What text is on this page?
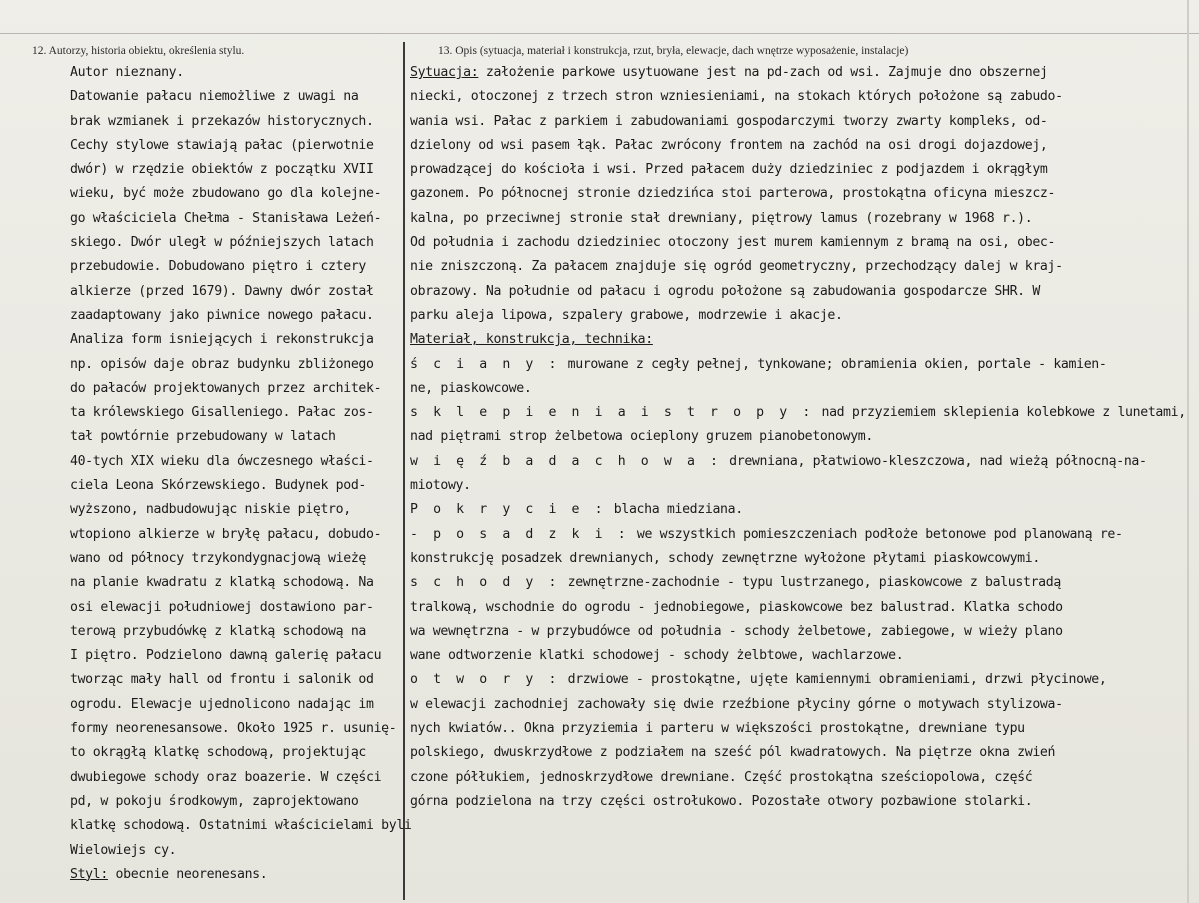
12. Autorzy, historia obiektu, określenia stylu.	13. Opis (sytuacja, materiał i konstrukcja, rzut, bryła, elewacje, dach wnętrze wyposażenie, instalacje)
Autor nieznany.
Datowanie pałacu niemożliwe z uwagi na
brak wzmianek i przekazów historycznych.
Cechy stylowe stawiają pałac (pierwotnie
dwór) w rzędzie obiektów z początku XVII
wieku, być może zbudowano go dla kolejne-
go właściciela Chełma - Stanisława Leżeń-
skiego. Dwór uległ w późniejszych latach
przebudowie. Dobudowano piętro i cztery
alkierze (przed 1679). Dawny dwór został
zaadaptowany jako piwnice nowego pałacu.
Analiza form isniejących i rekonstrukcja
np. opisów daje obraz budynku zbliżonego
do pałaców projektowanych przez architek-
ta królewskiego Gisalleniego. Pałac zos-
tał powtórnie przebudowany w latach
40-tych XIX wieku dla ówczesnego właści-
ciela Leona Skórzewskiego. Budynek pod-
wyższono, nadbudowując niskie piętro,
wtopiono alkierze w bryłę pałacu, dobudo-
wano od północy trzykondygnacjową wieżę
na planie kwadratu z klatką schodową. Na
osi elewacji południowej dostawiono par-
terową przybudówkę z klatką schodową na
I piętro. Podzielono dawną galerię pałacu
tworząc mały hall od frontu i salonik od
ogrodu. Elewacje ujednolicono nadając im
formy neorenesansowe. Około 1925 r. usunię-
to okrągłą klatkę schodową, projektując
dwubiegowe schody oraz boazerie. W części
pd, w pokoju środkowym, zaprojektowano
klatkę schodową. Ostatnimi właścicielami byli
Wielowiejs cy.
Styl: obecnie neorenesans.
Sytuacja: założenie parkowe usytuowane jest na pd-zach od wsi. Zajmuje dno obszernej
niecki, otoczonej z trzech stron wzniesieniami, na stokach których położone są zabudo-
wania wsi. Pałac z parkiem i zabudowaniami gospodarczymi tworzy zwarty kompleks, od-
dzielony od wsi pasem łąk. Pałac zwrócony frontem na zachód na osi drogi dojazdowej,
prowadzącej do kościoła i wsi. Przed pałacem duży dziedziniec z podjazdem i okrągłym
gazonem. Po północnej stronie dziedzińca stoi parterowa, prostokątna oficyna mieszcz-
kalna, po przeciwnej stronie stał drewniany, piętrowy lamus (rozebrany w 1968 r.).
Od południa i zachodu dziedziniec otoczony jest murem kamiennym z bramą na osi, obec-
nie zniszczoną. Za pałacem znajduje się ogród geometryczny, przechodzący dalej w kraj-
obrazowy. Na południe od pałacu i ogrodu położone są zabudowania gospodarcze SHR. W
parku aleja lipowa, szpalery grabowe, modrzewie i akacje.
Materiał, konstrukcja, technika:
ś c i a n y : murowane z cegły pełnej, tynkowane; obramienia okien, portale - kamien-
ne, piaskowcowe.
s k l e p i e n i a i s t r o p y : nad przyziemiem sklepienia kolebkowe z lunetami,
nad piętrami strop żelbetowa ocieplony gruzem pianobetonowym.
w i ę ź b a d a c h o w a : drewniana, płatwiowo-kleszczowa, nad wieżą północną-na-
miotowy.
P o k r y c i e : blacha miedziana.
- p o s a d z k i : we wszystkich pomieszczeniach podłoże betonowe pod planowaną re-
konstrukcję posadzek drewnianych, schody zewnętrzne wyłożone płytami piaskowcowymi.
s c h o d y : zewnętrzne-zachodnie - typu lustrzanego, piaskowcowe z balustradą
tralkową, wschodnie do ogrodu - jednobiegowe, piaskowcowe bez balustrad. Klatka schodo
wa wewnętrzna - w przybudówce od południa - schody żelbetowe, zabiegowe, w wieży plano
wane odtworzenie klatki schodowej - schody żelbtowe, wachlarzowe.
o t w o r y : drzwiowe - prostokątne, ujęte kamiennymi obramieniami, drzwi płycinowe,
w elewacji zachodniej zachowały się dwie rzeźbione płyciny górne o motywach stylizowa-
nych kwiatów.. Okna przyziemia i parteru w większości prostokątne, drewniane typu
polskiego, dwuskrzydłowe z podziałem na sześć pól kwadratowych. Na piętrze okna zwień
czone półłukiem, jednoskrzydłowe drewniane. Część prostokątna sześciopolowa, część
górna podzielona na trzy części ostrołukowo. Pozostałe otwory pozbawione stolarki.
